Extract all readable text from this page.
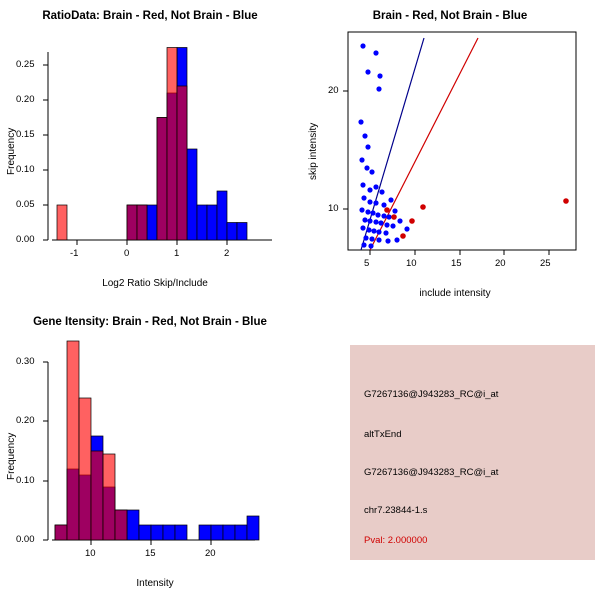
RatioData: Brain - Red, Not Brain - Blue
Frequency
Log2 Ratio Skip/Include
0.00
0.05
0.10
0.15
0.20
0.25
-1	0	1	2
Brain - Red, Not Brain - Blue
skip intensity
include intensity
5	10	15	20	25
10
20
Gene Itensity: Brain - Red, Not Brain - Blue
Frequency
Intensity
0.00
0.10
0.20
0.30
10	15	20
G7267136@J943283_RC@i_at
altTxEnd
G7267136@J943283_RC@i_at
chr7.23844-1.s
Pval: 2.000000
